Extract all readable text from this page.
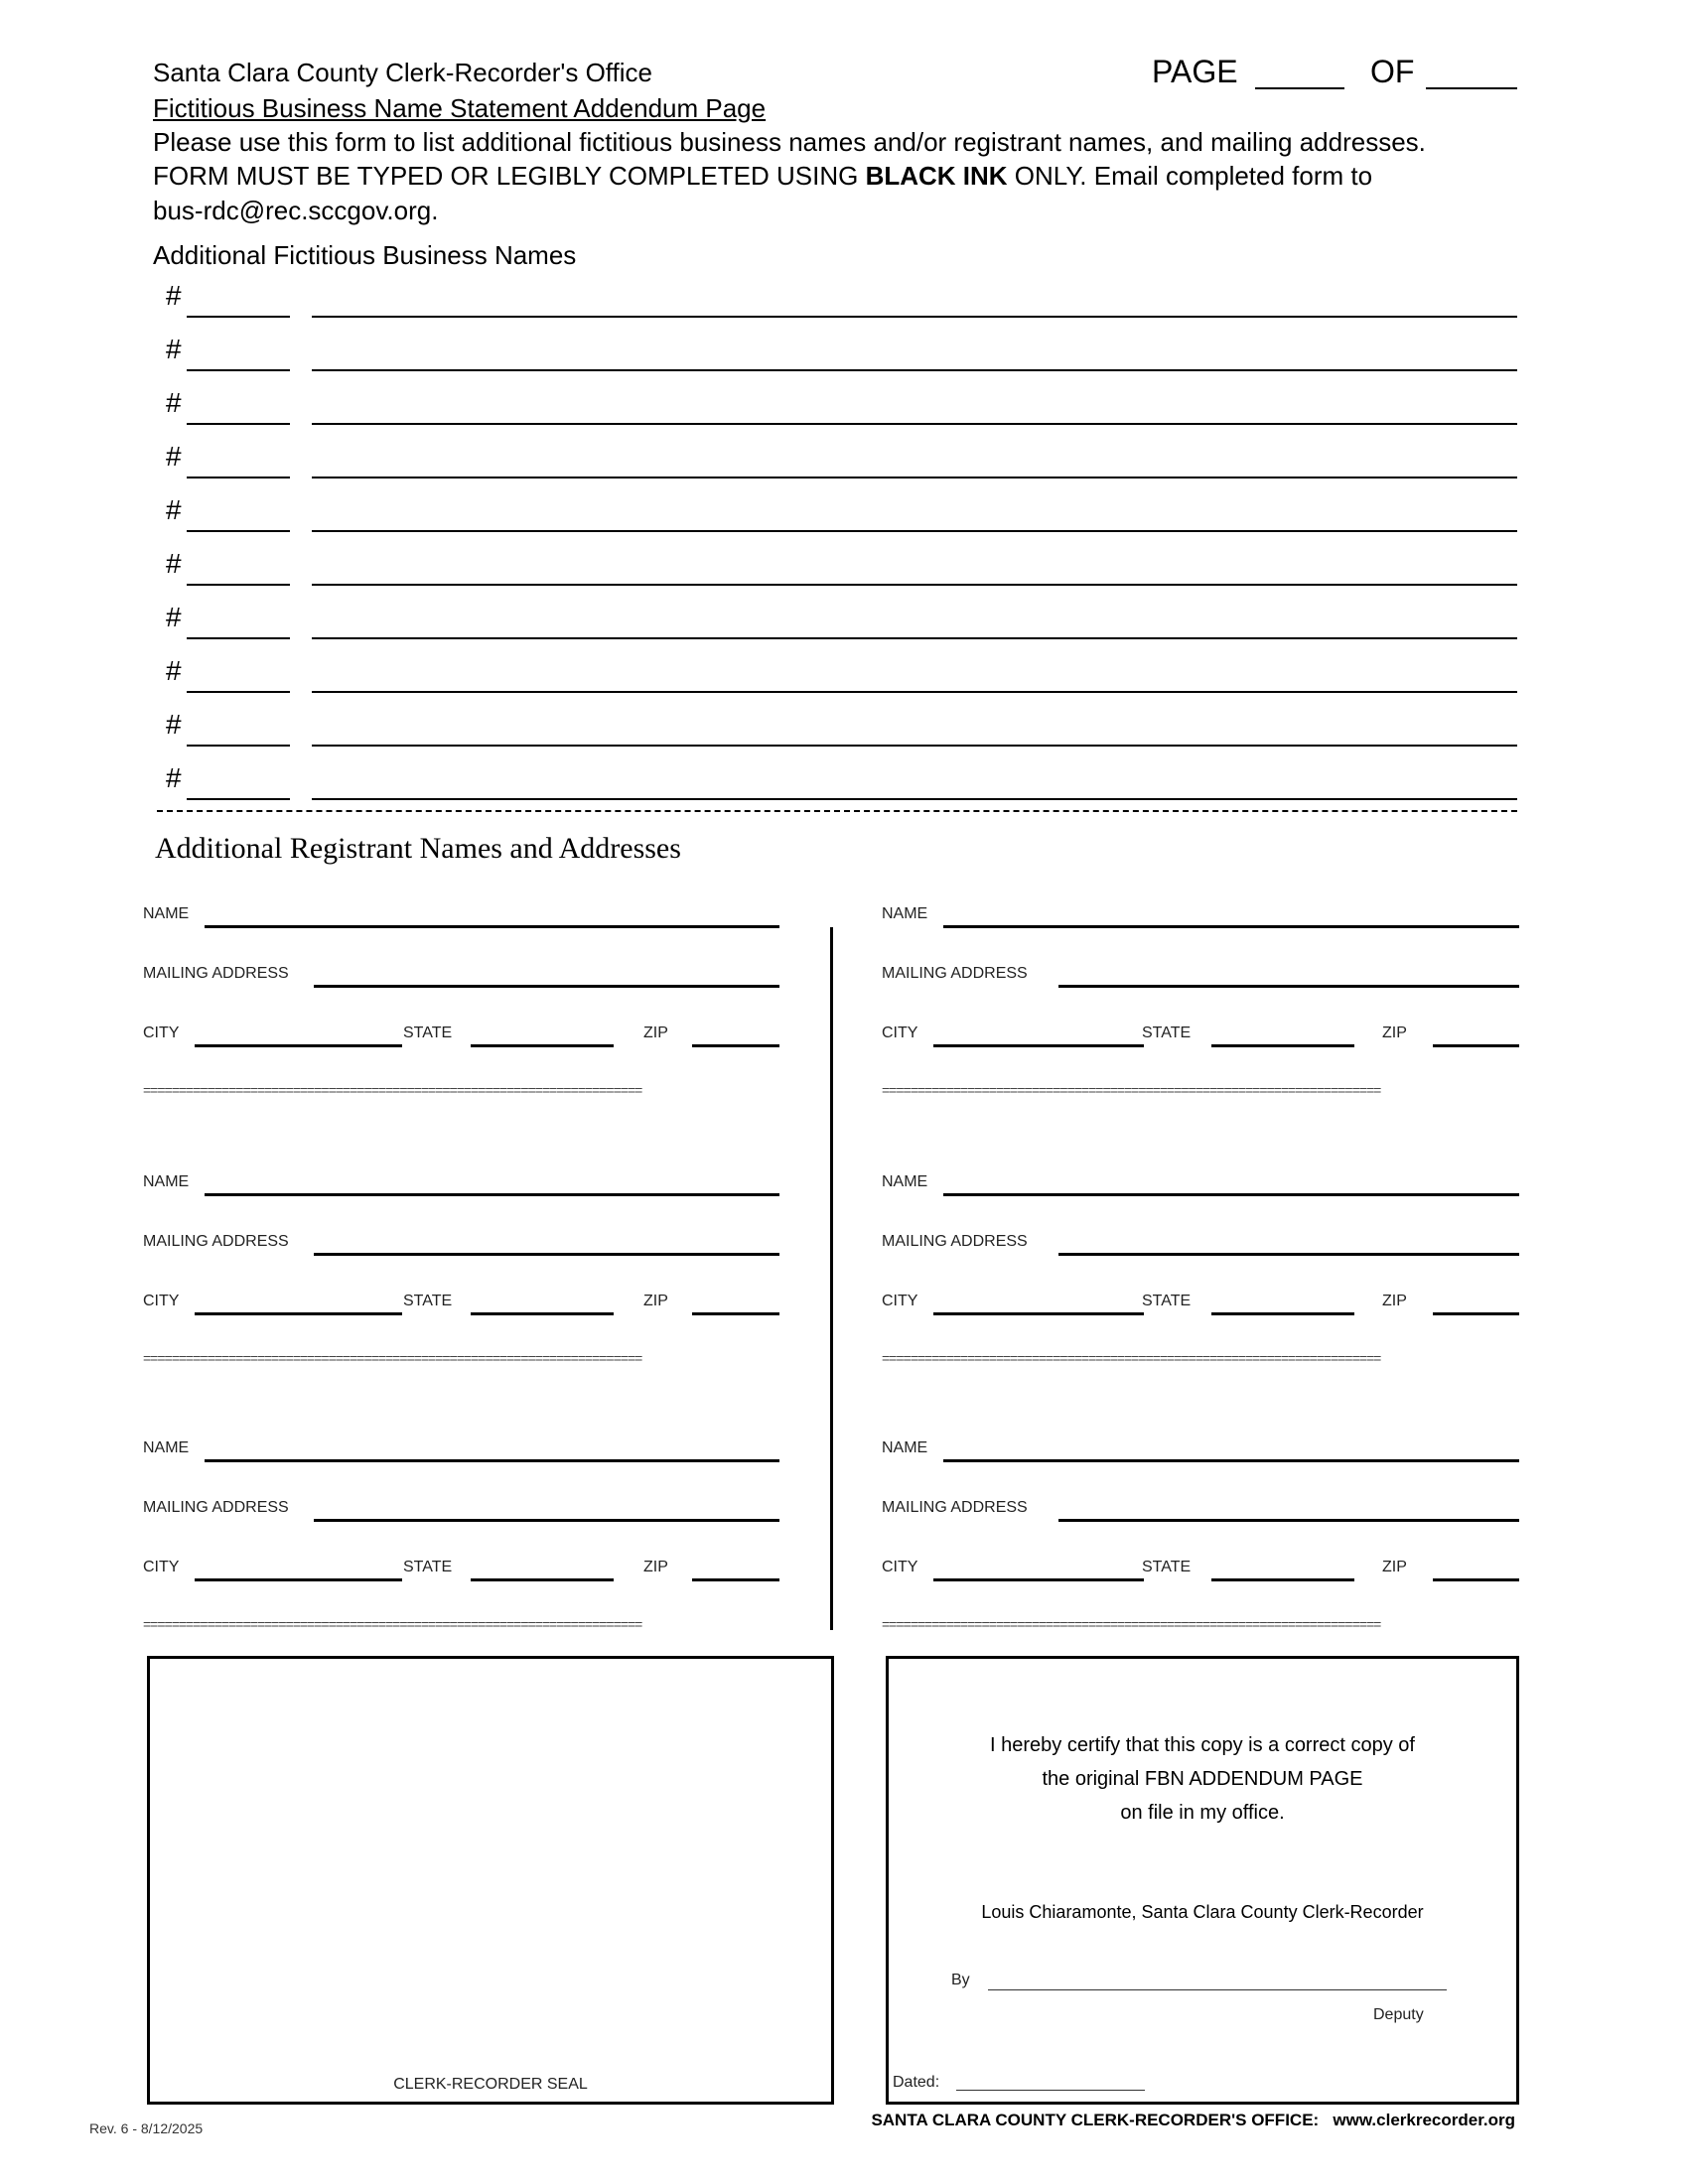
Santa Clara County Clerk-Recorder's Office
Fictitious Business Name Statement Addendum Page
PAGE	OF
Please use this form to list additional fictitious business names and/or registrant names, and mailing addresses.
FORM MUST BE TYPED OR LEGIBLY COMPLETED USING BLACK INK ONLY. Email completed form to
bus-rdc@rec.sccgov.org.
Additional Fictitious Business Names
#
#
#
#
#
#
#
#
#
#
Additional Registrant Names and Addresses
NAME
MAILING ADDRESS
CITY	STATE	ZIP
======================================================================
NAME
MAILING ADDRESS
CITY	STATE	ZIP
======================================================================
NAME
MAILING ADDRESS
CITY	STATE	ZIP
======================================================================
NAME
MAILING ADDRESS
CITY	STATE	ZIP
======================================================================
NAME
MAILING ADDRESS
CITY	STATE	ZIP
======================================================================
NAME
MAILING ADDRESS
CITY	STATE	ZIP
======================================================================
CLERK-RECORDER SEAL
I hereby certify that this copy is a correct copy of
the original FBN ADDENDUM PAGE
on file in my office.
Louis Chiaramonte, Santa Clara County Clerk-Recorder
By
Deputy
Dated:
Rev. 6 - 8/12/2025	SANTA CLARA COUNTY CLERK-RECORDER'S OFFICE: www.clerkrecorder.org
